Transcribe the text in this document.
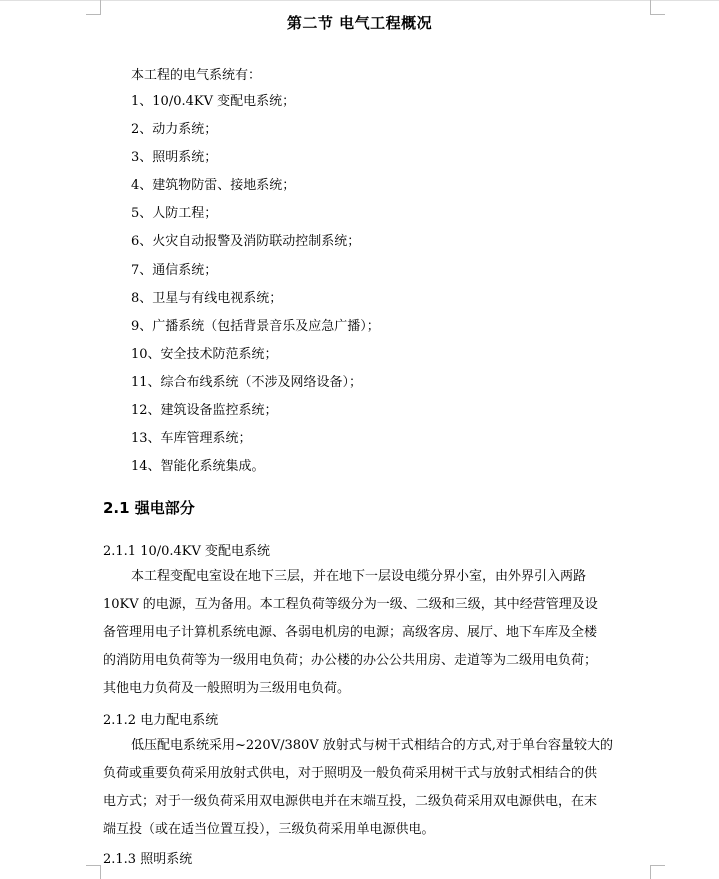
第二节 电气工程概况
本工程的电气系统有：
1、10/0.4KV 变配电系统；
2、动力系统；
3、照明系统；
4、建筑物防雷、接地系统；
5、人防工程；
6、火灾自动报警及消防联动控制系统；
7、通信系统；
8、卫星与有线电视系统；
9、广播系统（包括背景音乐及应急广播）；
10、安全技术防范系统；
11、综合布线系统（不涉及网络设备）；
12、建筑设备监控系统；
13、车库管理系统；
14、智能化系统集成。
2.1 强电部分
2.1.1 10/0.4KV 变配电系统
本工程变配电室设在地下三层，并在地下一层设电缆分界小室，由外界引入两路
10KV 的电源，互为备用。本工程负荷等级分为一级、二级和三级，其中经营管理及设
备管理用电子计算机系统电源、各弱电机房的电源；高级客房、展厅、地下车库及全楼
的消防用电负荷等为一级用电负荷；办公楼的办公公共用房、走道等为二级用电负荷；
其他电力负荷及一般照明为三级用电负荷。
2.1.2 电力配电系统
低压配电系统采用~220V/380V 放射式与树干式相结合的方式,对于单台容量较大的
负荷或重要负荷采用放射式供电，对于照明及一般负荷采用树干式与放射式相结合的供
电方式；对于一级负荷采用双电源供电并在末端互投，二级负荷采用双电源供电，在末
端互投（或在适当位置互投），三级负荷采用单电源供电。
2.1.3 照明系统
